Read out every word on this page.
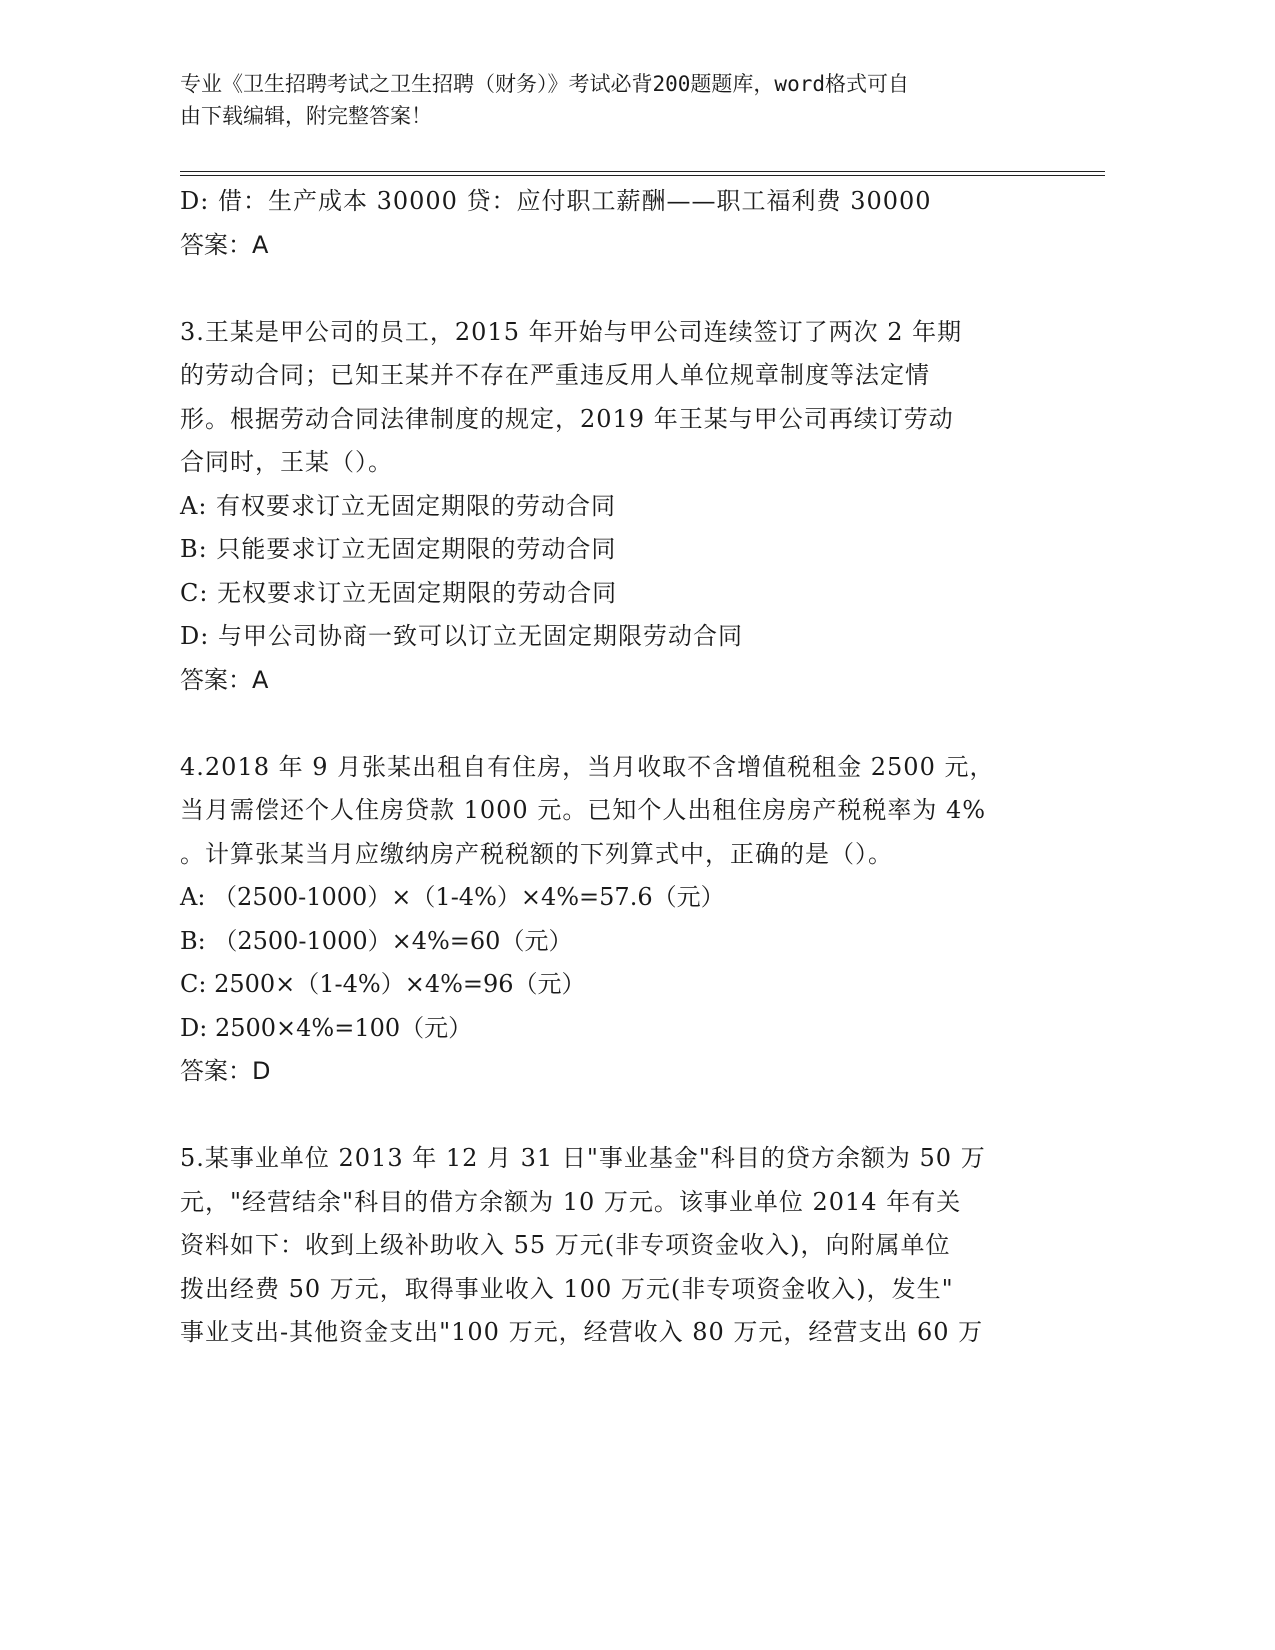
专业《卫生招聘考试之卫生招聘（财务）》考试必背200题题库，word格式可自
由下载编辑，附完整答案！
D: 借：生产成本 30000 贷：应付职工薪酬——职工福利费 30000
答案：A
3.王某是甲公司的员工，2015 年开始与甲公司连续签订了两次 2 年期
的劳动合同；已知王某并不存在严重违反用人单位规章制度等法定情
形。根据劳动合同法律制度的规定，2019 年王某与甲公司再续订劳动
合同时，王某（）。
A: 有权要求订立无固定期限的劳动合同
B: 只能要求订立无固定期限的劳动合同
C: 无权要求订立无固定期限的劳动合同
D: 与甲公司协商一致可以订立无固定期限劳动合同
答案：A
4.2018 年 9 月张某出租自有住房，当月收取不含增值税租金 2500 元，
当月需偿还个人住房贷款 1000 元。已知个人出租住房房产税税率为 4%
。计算张某当月应缴纳房产税税额的下列算式中，正确的是（）。
A: （2500-1000）×（1-4%）×4%=57.6（元）
B: （2500-1000）×4%=60（元）
C: 2500×（1-4%）×4%=96（元）
D: 2500×4%=100（元）
答案：D
5.某事业单位 2013 年 12 月 31 日"事业基金"科目的贷方余额为 50 万
元，"经营结余"科目的借方余额为 10 万元。该事业单位 2014 年有关
资料如下：收到上级补助收入 55 万元(非专项资金收入)，向附属单位
拨出经费 50 万元，取得事业收入 100 万元(非专项资金收入)，发生"
事业支出-其他资金支出"100 万元，经营收入 80 万元，经营支出 60 万
